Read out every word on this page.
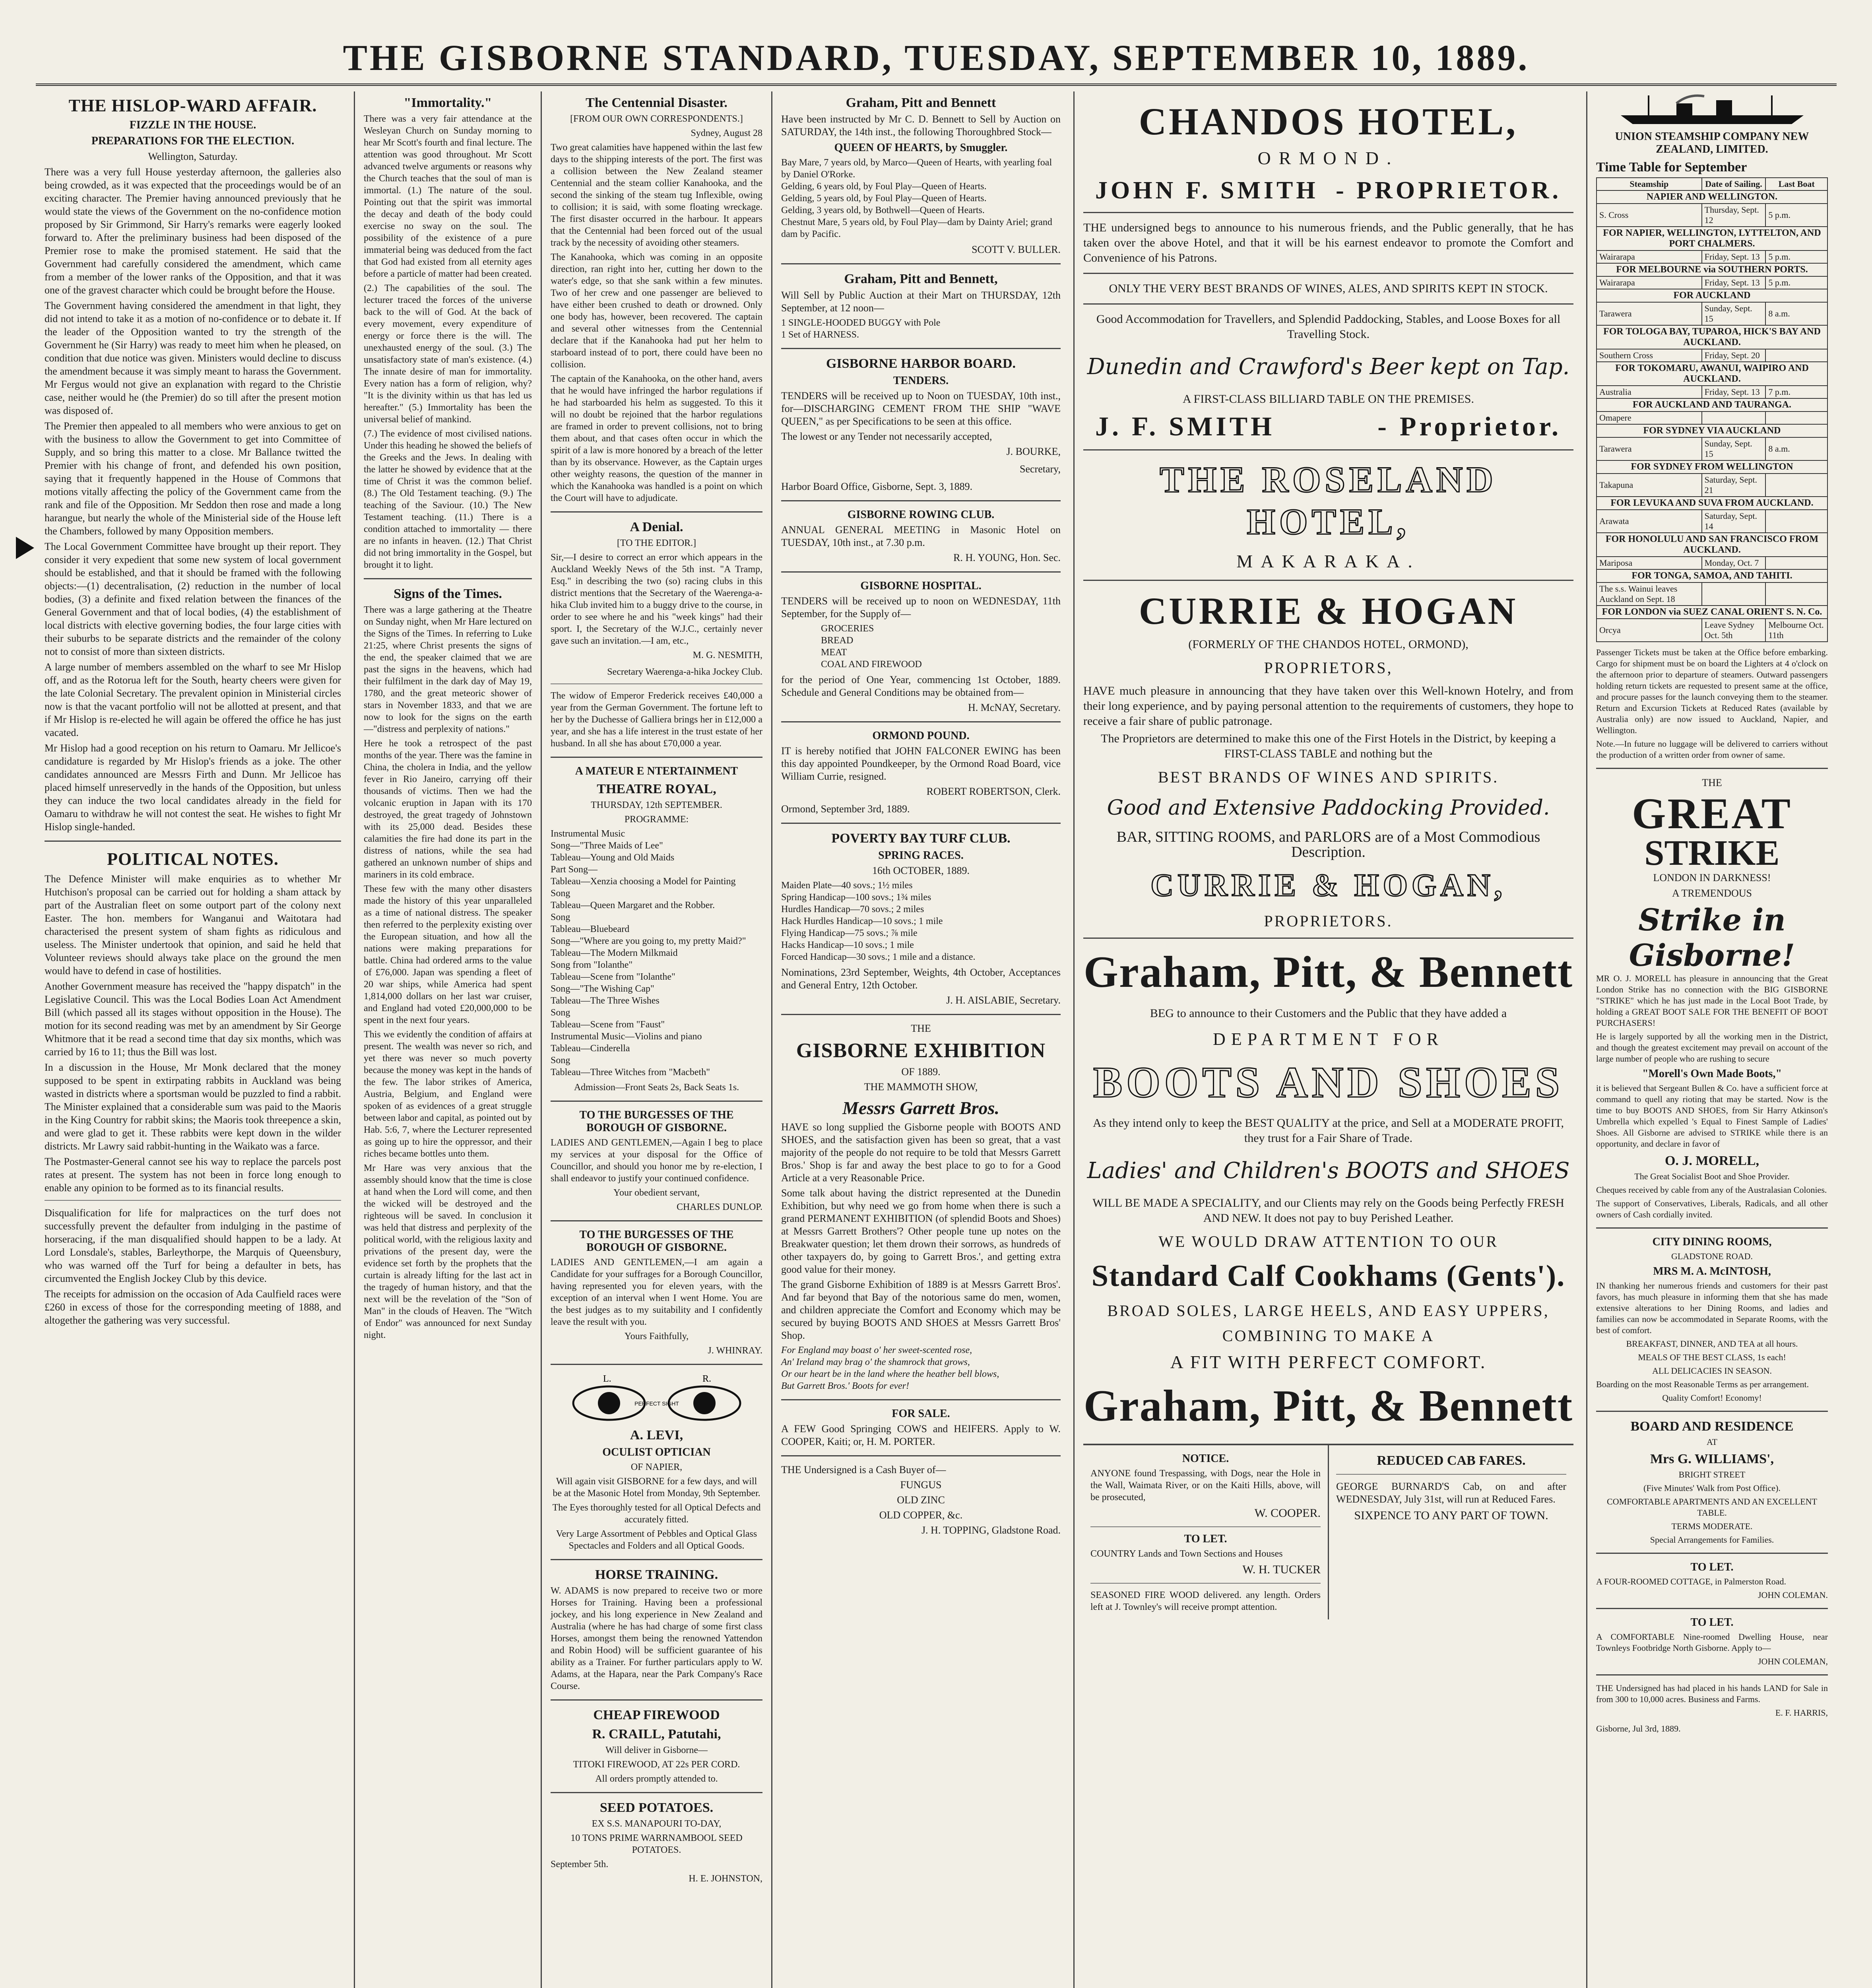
THE GISBORNE STANDARD, TUESDAY, SEPTEMBER 10, 1889.
THE HISLOP-WARD AFFAIR.
FIZZLE IN THE HOUSE.
PREPARATIONS FOR THE ELECTION.

Wellington, Saturday.

There was a very full House yesterday afternoon, the galleries also being crowded, as it was expected that the proceedings would be of an exciting character. The Premier having announced previously that he would state the views of the Government on the no-confidence motion proposed by Sir Grimmond, Sir Harry's remarks were eagerly looked forward to. After the preliminary business had been disposed of the Premier rose to make the promised statement. He said that the Government had carefully considered the amendment, which came from a member of the lower ranks of the Opposition, and that it was one of the gravest character which could be brought before the House.

The Government having considered the amendment in that light, they did not intend to take it as a motion of no-confidence or to debate it. If the leader of the Opposition wanted to try the strength of the Government he (Sir Harry) was ready to meet him when he pleased, on condition that due notice was given. Ministers would decline to discuss the amendment because it was simply meant to harass the Government. Mr Fergus would not give an explanation with regard to the Christie case, neither would he (the Premier) do so till after the present motion was disposed of.

The Premier then appealed to all members who were anxious to get on with the business to allow the Government to get into Committee of Supply, and so bring this matter to a close. Mr Ballance twitted the Premier with his change of front, and defended his own position, saying that it frequently happened in the House of Commons that motions vitally affecting the policy of the Government came from the rank and file of the Opposition. Mr Seddon then rose and made a long harangue, but nearly the whole of the Ministerial side of the House left the Chambers, followed by many Opposition members.

The Local Government Committee have brought up their report. They consider it very expedient that some new system of local government should be established, and that it should be framed with the following objects:—(1) decentralisation, (2) reduction in the number of local bodies, (3) a definite and fixed relation between the finances of the General Government and that of local bodies, (4) the establishment of local districts with elective governing bodies, the four large cities with their suburbs to be separate districts and the remainder of the colony not to consist of more than sixteen districts.

A large number of members assembled on the wharf to see Mr Hislop off, and as the Rotorua left for the South, hearty cheers were given for the late Colonial Secretary. The prevalent opinion in Ministerial circles now is that the vacant portfolio will not be allotted at present, and that if Mr Hislop is re-elected he will again be offered the office he has just vacated.

Mr Hislop had a good reception on his return to Oamaru. Mr Jellicoe's candidature is regarded by Mr Hislop's friends as a joke. The other candidates announced are Messrs Firth and Dunn. Mr Jellicoe has placed himself unreservedly in the hands of the Opposition, but unless they can induce the two local candidates already in the field for Oamaru to withdraw he will not contest the seat. He wishes to fight Mr Hislop single-handed.

POLITICAL NOTES.

The Defence Minister will make enquiries as to whether Mr Hutchison's proposal can be carried out for holding a sham attack by part of the Australian fleet on some outport part of the colony next Easter. The hon. members for Wanganui and Waitotara had characterised the present system of sham fights as ridiculous and useless. The Minister undertook that opinion, and said he held that Volunteer reviews should always take place on the ground the men would have to defend in case of hostilities.

Another Government measure has received the "happy dispatch" in the Legislative Council. This was the Local Bodies Loan Act Amendment Bill (which passed all its stages without opposition in the House). The motion for its second reading was met by an amendment by Sir George Whitmore that it be read a second time that day six months, which was carried by 16 to 11; thus the Bill was lost.

In a discussion in the House, Mr Monk declared that the money supposed to be spent in extirpating rabbits in Auckland was being wasted in districts where a sportsman would be puzzled to find a rabbit. The Minister explained that a considerable sum was paid to the Maoris in the King Country for rabbit skins; the Maoris took threepence a skin, and were glad to get it. These rabbits were kept down in the wilder districts. Mr Lawry said rabbit-hunting in the Waikato was a farce.

The Postmaster-General cannot see his way to replace the parcels post rates at present. The system has not been in force long enough to enable any opinion to be formed as to its financial results.

Disqualification for life for malpractices on the turf does not successfully prevent the defaulter from indulging in the pastime of horseracing, if the man disqualified should happen to be a lady. At Lord Lonsdale's, stables, Barleythorpe, the Marquis of Queensbury, who was warned off the Turf for being a defaulter in bets, has circumvented the English Jockey Club by this device.

The receipts for admission on the occasion of Ada Caulfield races were £260 in excess of those for the corresponding meeting of 1888, and altogether the gathering was very successful.

"Immortality."

There was a very fair attendance at the Wesleyan Church on Sunday morning to hear Mr Scott's fourth and final lecture. The attention was good throughout. Mr Scott advanced twelve arguments or reasons why the Church teaches that the soul of man is immortal. (1.) The nature of the soul. Pointing out that the spirit was immortal the decay and death of the body could exercise no sway on the soul. The possibility of the existence of a pure immaterial being was deduced from the fact that God had existed from all eternity ages before a particle of matter had been created.

(2.) The capabilities of the soul. The lecturer traced the forces of the universe back to the will of God. At the back of every movement, every expenditure of energy or force there is the will. The unexhausted energy of the soul. (3.) The unsatisfactory state of man's existence. (4.) The innate desire of man for immortality. Every nation has a form of religion, why? "It is the divinity within us that has led us hereafter." (5.) Immortality has been the universal belief of mankind.

(7.) The evidence of most civilised nations. Under this heading he showed the beliefs of the Greeks and the Jews. In dealing with the latter he showed by evidence that at the time of Christ it was the common belief. (8.) The Old Testament teaching. (9.) The teaching of the Saviour. (10.) The New Testament teaching. (11.) There is a condition attached to immortality — there are no infants in heaven. (12.) That Christ did not bring immortality in the Gospel, but brought it to light.

Signs of the Times.

There was a large gathering at the Theatre on Sunday night, when Mr Hare lectured on the Signs of the Times. In referring to Luke 21:25, where Christ presents the signs of the end, the speaker claimed that we are past the signs in the heavens, which had their fulfilment in the dark day of May 19, 1780, and the great meteoric shower of stars in November 1833, and that we are now to look for the signs on the earth—"distress and perplexity of nations."

Here he took a retrospect of the past months of the year. There was the famine in China, the cholera in India, and the yellow fever in Rio Janeiro, carrying off their thousands of victims. Then we had the volcanic eruption in Japan with its 170 destroyed, the great tragedy of Johnstown with its 25,000 dead. Besides these calamities the fire had done its part in the distress of nations, while the sea had gathered an unknown number of ships and mariners in its cold embrace.

These few with the many other disasters made the history of this year unparalleled as a time of national distress. The speaker then referred to the perplexity existing over the European situation, and how all the nations were making preparations for battle. China had ordered arms to the value of £76,000. Japan was spending a fleet of 20 war ships, while America had spent 1,814,000 dollars on her last war cruiser, and England had voted £20,000,000 to be spent in the next four years.

This we evidently the condition of affairs at present. The wealth was never so rich, and yet there was never so much poverty because the money was kept in the hands of the few. The labor strikes of America, Austria, Belgium, and England were spoken of as evidences of a great struggle between labor and capital, as pointed out by Hab. 5:6, 7, where the Lecturer represented as going up to hire the oppressor, and their riches became bottles unto them.

Mr Hare was very anxious that the assembly should know that the time is close at hand when the Lord will come, and then the wicked will be destroyed and the righteous will be saved. In conclusion it was held that distress and perplexity of the political world, with the religious laxity and privations of the present day, were the evidence set forth by the prophets that the curtain is already lifting for the last act in the tragedy of human history, and that the next will be the revelation of the "Son of Man" in the clouds of Heaven. The "Witch of Endor" was announced for next Sunday night.

The Centennial Disaster.

[FROM OUR OWN CORRESPONDENTS.]

Sydney, August 28

Two great calamities have happened within the last few days to the shipping interests of the port. The first was a collision between the New Zealand steamer Centennial and the steam collier Kanahooka, and the second the sinking of the steam tug Inflexible, owing to collision; it is said, with some floating wreckage. The first disaster occurred in the harbour. It appears that the Centennial had been forced out of the usual track by the necessity of avoiding other steamers.

The Kanahooka, which was coming in an opposite direction, ran right into her, cutting her down to the water's edge, so that she sank within a few minutes. Two of her crew and one passenger are believed to have either been crushed to death or drowned. Only one body has, however, been recovered. The captain and several other witnesses from the Centennial declare that if the Kanahooka had put her helm to starboard instead of to port, there could have been no collision.

The captain of the Kanahooka, on the other hand, avers that he would have infringed the harbor regulations if he had starboarded his helm as suggested. To this it will no doubt be rejoined that the harbor regulations are framed in order to prevent collisions, not to bring them about, and that cases often occur in which the spirit of a law is more honored by a breach of the letter than by its observance. However, as the Captain urges other weighty reasons, the question of the manner in which the Kanahooka was handled is a point on which the Court will have to adjudicate.

A Denial.

[TO THE EDITOR.]

Sir,—I desire to correct an error which appears in the Auckland Weekly News of the 5th inst. "A Tramp, Esq." in describing the two (so) racing clubs in this district mentions that the Secretary of the Waerenga-a-hika Club invited him to a buggy drive to the course, in order to see where he and his "week kings" had their sport. I, the Secretary of the W.J.C., certainly never gave such an invitation.—I am, etc.,

M. G. NESMITH,

Secretary Waerenga-a-hika Jockey Club.

The widow of Emperor Frederick receives £40,000 a year from the German Government. The fortune left to her by the Duchesse of Galliera brings her in £12,000 a year, and she has a life interest in the trust estate of her husband. In all she has about £70,000 a year.

A MATEUR E NTERTAINMENT
THEATRE ROYAL,

THURSDAY, 12th SEPTEMBER.

PROGRAMME:

Instrumental Music
Song—"Three Maids of Lee"
Tableau—Young and Old Maids
Part Song—
Tableau—Xenzia choosing a Model for Painting
Song
Tableau—Queen Margaret and the Robber.
Song
Tableau—Bluebeard
Song—"Where are you going to, my pretty Maid?"
Tableau—The Modern Milkmaid
Song from "Iolanthe"
Tableau—Scene from "Iolanthe"
Song—"The Wishing Cap"
Tableau—The Three Wishes
Song
Tableau—Scene from "Faust"
Instrumental Music—Violins and piano
Tableau—Cinderella
Song
Tableau—Three Witches from "Macbeth"

Admission—Front Seats 2s, Back Seats 1s.

TO THE BURGESSES OF THE BOROUGH OF GISBORNE.

LADIES AND GENTLEMEN,—Again I beg to place my services at your disposal for the Office of Councillor, and should you honor me by re-election, I shall endeavor to justify your continued confidence.

Your obedient servant,

CHARLES DUNLOP.

TO THE BURGESSES OF THE BOROUGH OF GISBORNE.

LADIES AND GENTLEMEN,—I am again a Candidate for your suffrages for a Borough Councillor, having represented you for eleven years, with the exception of an interval when I went Home. You are the best judges as to my suitability and I confidently leave the result with you.

Yours Faithfully,

J. WHINRAY.

L.	R.
PERFECT SIGHT
A. LEVI,
OCULIST OPTICIAN

OF NAPIER,

Will again visit GISBORNE for a few days, and will be at the Masonic Hotel from Monday, 9th September.

The Eyes thoroughly tested for all Optical Defects and accurately fitted.

Very Large Assortment of Pebbles and Optical Glass Spectacles and Folders and all Optical Goods.

HORSE TRAINING.

W. ADAMS is now prepared to receive two or more Horses for Training. Having been a professional jockey, and his long experience in New Zealand and Australia (where he has had charge of some first class Horses, amongst them being the renowned Yattendon and Robin Hood) will be sufficient guarantee of his ability as a Trainer. For further particulars apply to W. Adams, at the Hapara, near the Park Company's Race Course.

CHEAP FIREWOOD
R. CRAILL, Patutahi,

Will deliver in Gisborne—

TITOKI FIREWOOD, AT 22s PER CORD.

All orders promptly attended to.

SEED POTATOES.

EX S.S. MANAPOURI TO-DAY,

10 TONS PRIME WARRNAMBOOL SEED POTATOES.

September 5th.

H. E. JOHNSTON,

Graham, Pitt and Bennett

Have been instructed by Mr C. D. Bennett to Sell by Auction on SATURDAY, the 14th inst., the following Thoroughbred Stock—

QUEEN OF HEARTS, by Smuggler.
Bay Mare, 7 years old, by Marco—Queen of Hearts, with yearling foal by Daniel O'Rorke.
Gelding, 6 years old, by Foul Play—Queen of Hearts.
Gelding, 5 years old, by Foul Play—Queen of Hearts.
Gelding, 3 years old, by Bothwell—Queen of Hearts.
Chestnut Mare, 5 years old, by Foul Play—dam by Dainty Ariel; grand dam by Pacific.

SCOTT V. BULLER.

Graham, Pitt and Bennett,

Will Sell by Public Auction at their Mart on THURSDAY, 12th September, at 12 noon—

1 SINGLE-HOODED BUGGY with Pole
1 Set of HARNESS.
GISBORNE HARBOR BOARD.
TENDERS.

TENDERS will be received up to Noon on TUESDAY, 10th inst., for—DISCHARGING CEMENT FROM THE SHIP "WAVE QUEEN," as per Specifications to be seen at this office.

The lowest or any Tender not necessarily accepted,

J. BOURKE,

Secretary,

Harbor Board Office, Gisborne, Sept. 3, 1889.

GISBORNE ROWING CLUB.

ANNUAL GENERAL MEETING in Masonic Hotel on TUESDAY, 10th inst., at 7.30 p.m.

R. H. YOUNG, Hon. Sec.

GISBORNE HOSPITAL.

TENDERS will be received up to noon on WEDNESDAY, 11th September, for the Supply of—

GROCERIES
BREAD
MEAT
COAL AND FIREWOOD

for the period of One Year, commencing 1st October, 1889. Schedule and General Conditions may be obtained from—

H. McNAY, Secretary.

ORMOND POUND.

IT is hereby notified that JOHN FALCONER EWING has been this day appointed Poundkeeper, by the Ormond Road Board, vice William Currie, resigned.

ROBERT ROBERTSON, Clerk.

Ormond, September 3rd, 1889.

POVERTY BAY TURF CLUB.
SPRING RACES.

16th OCTOBER, 1889.

Maiden Plate—40 sovs.; 1½ miles
Spring Handicap—100 sovs.; 1¾ miles
Hurdles Handicap—70 sovs.; 2 miles
Hack Hurdles Handicap—10 sovs.; 1 mile
Flying Handicap—75 sovs.; ⅞ mile
Hacks Handicap—10 sovs.; 1 mile
Forced Handicap—30 sovs.; 1 mile and a distance.

Nominations, 23rd September, Weights, 4th October, Acceptances and General Entry, 12th October.

J. H. AISLABIE, Secretary.

THE

GISBORNE EXHIBITION

OF 1889.

THE MAMMOTH SHOW,

Messrs Garrett Bros.

HAVE so long supplied the Gisborne people with BOOTS AND SHOES, and the satisfaction given has been so great, that a vast majority of the people do not require to be told that Messrs Garrett Bros.' Shop is far and away the best place to go to for a Good Article at a very Reasonable Price.

Some talk about having the district represented at the Dunedin Exhibition, but why need we go from home when there is such a grand PERMANENT EXHIBITION (of splendid Boots and Shoes) at Messrs Garrett Brothers'? Other people tune up notes on the Breakwater question; let them drown their sorrows, as hundreds of other taxpayers do, by going to Garrett Bros.', and getting extra good value for their money.

The grand Gisborne Exhibition of 1889 is at Messrs Garrett Bros'. And far beyond that Bay of the notorious same do men, women, and children appreciate the Comfort and Economy which may be secured by buying BOOTS AND SHOES at Messrs Garrett Bros' Shop.

For England may boast o' her sweet-scented rose,
An' Ireland may brag o' the shamrock that grows,
Or our heart be in the land where the heather bell blows,
But Garrett Bros.' Boots for ever!
FOR SALE.

A FEW Good Springing COWS and HEIFERS. Apply to W. COOPER, Kaiti; or, H. M. PORTER.

THE Undersigned is a Cash Buyer of—

FUNGUS

OLD ZINC

OLD COPPER, &c.

J. H. TOPPING, Gladstone Road.

CHANDOS HOTEL,
ORMOND.
JOHN F. SMITH - PROPRIETOR.

THE undersigned begs to announce to his numerous friends, and the Public generally, that he has taken over the above Hotel, and that it will be his earnest endeavor to promote the Comfort and Convenience of his Patrons.

ONLY THE VERY BEST BRANDS OF WINES, ALES, AND SPIRITS KEPT IN STOCK.

Good Accommodation for Travellers, and Splendid Paddocking, Stables, and Loose Boxes for all Travelling Stock.

Dunedin and Crawford's Beer kept on Tap.

A FIRST-CLASS BILLIARD TABLE ON THE PREMISES.

J. F. SMITH	- Proprietor.
THE ROSELAND HOTEL,
MAKARAKA.
CURRIE & HOGAN

(FORMERLY OF THE CHANDOS HOTEL, ORMOND),

PROPRIETORS,

HAVE much pleasure in announcing that they have taken over this Well-known Hotelry, and from their long experience, and by paying personal attention to the requirements of customers, they hope to receive a fair share of public patronage.

The Proprietors are determined to make this one of the First Hotels in the District, by keeping a FIRST-CLASS TABLE and nothing but the

BEST BRANDS OF WINES AND SPIRITS.
Good and Extensive Paddocking Provided.

BAR, SITTING ROOMS, and PARLORS are of a Most Commodious Description.

CURRIE & HOGAN,
PROPRIETORS.
Graham, Pitt, & Bennett

BEG to announce to their Customers and the Public that they have added a

DEPARTMENT FOR
BOOTS AND SHOES

As they intend only to keep the BEST QUALITY at the price, and Sell at a MODERATE PROFIT, they trust for a Fair Share of Trade.

Ladies' and Children's BOOTS and SHOES

WILL BE MADE A SPECIALITY, and our Clients may rely on the Goods being Perfectly FRESH AND NEW. It does not pay to buy Perished Leather.

WE WOULD DRAW ATTENTION TO OUR
Standard Calf Cookhams (Gents').
BROAD SOLES, LARGE HEELS, AND EASY UPPERS,
COMBINING TO MAKE A
A FIT WITH PERFECT COMFORT.
Graham, Pitt, & Bennett
NOTICE.

ANYONE found Trespassing, with Dogs, near the Hole in the Wall, Waimata River, or on the Kaiti Hills, above, will be prosecuted,

W. COOPER.

TO LET.

COUNTRY Lands and Town Sections and Houses

W. H. TUCKER

SEASONED FIRE WOOD delivered. any length. Orders left at J. Townley's will receive prompt attention.

REDUCED CAB FARES.

GEORGE BURNARD'S Cab, on and after WEDNESDAY, July 31st, will run at Reduced Fares.

SIXPENCE TO ANY PART OF TOWN.

UNION STEAMSHIP COMPANY NEW ZEALAND, LIMITED.
Time Table for September
Steamship	Date of Sailing.	Last Boat
NAPIER AND WELLINGTON.		
S. Cross	Thursday, Sept. 12	5 p.m.
FOR NAPIER, WELLINGTON, LYTTELTON, AND PORT CHALMERS.		
Wairarapa	Friday, Sept. 13	5 p.m.
FOR MELBOURNE via SOUTHERN PORTS.		
Wairarapa	Friday, Sept. 13	5 p.m.
FOR AUCKLAND		
Tarawera	Sunday, Sept. 15	8 a.m.
FOR TOLOGA BAY, TUPAROA, HICK'S BAY AND AUCKLAND.		
Southern Cross	Friday, Sept. 20	
FOR TOKOMARU, AWANUI, WAIPIRO AND AUCKLAND.		
Australia	Friday, Sept. 13	7 p.m.
FOR AUCKLAND AND TAURANGA.		
Omapere		
FOR SYDNEY VIA AUCKLAND		
Tarawera	Sunday, Sept. 15	8 a.m.
FOR SYDNEY FROM WELLINGTON		
Takapuna	Saturday, Sept. 21	
FOR LEVUKA AND SUVA FROM AUCKLAND.		
Arawata	Saturday, Sept. 14	
FOR HONOLULU AND SAN FRANCISCO FROM AUCKLAND.		
Mariposa	Monday, Oct. 7	
FOR TONGA, SAMOA, AND TAHITI.		
The s.s. Wainui leaves Auckland on Sept. 18		
FOR LONDON via SUEZ CANAL ORIENT S. N. Co.		
Orcya	Leave Sydney Oct. 5th	Melbourne Oct. 11th

Passenger Tickets must be taken at the Office before embarking. Cargo for shipment must be on board the Lighters at 4 o'clock on the afternoon prior to departure of steamers. Outward passengers holding return tickets are requested to present same at the office, and procure passes for the launch conveying them to the steamer. Return and Excursion Tickets at Reduced Rates (available by Australia only) are now issued to Auckland, Napier, and Wellington.

Note.—In future no luggage will be delivered to carriers without the production of a written order from owner of same.

THE

GREAT
STRIKE

LONDON IN DARKNESS!

A TREMENDOUS

Strike in Gisborne!

MR O. J. MORELL has pleasure in announcing that the Great London Strike has no connection with the BIG GISBORNE "STRIKE" which he has just made in the Local Boot Trade, by holding a GREAT BOOT SALE FOR THE BENEFIT OF BOOT PURCHASERS!

He is largely supported by all the working men in the District, and though the greatest excitement may prevail on account of the large number of people who are rushing to secure

"Morell's Own Made Boots,"

it is believed that Sergeant Bullen & Co. have a sufficient force at command to quell any rioting that may be started. Now is the time to buy BOOTS AND SHOES, from Sir Harry Atkinson's Umbrella which expelled 's Equal to Finest Sample of Ladies' Shoes. All Gisborne are advised to STRIKE while there is an opportunity, and declare in favor of

O. J. MORELL,

The Great Socialist Boot and Shoe Provider.

Cheques received by cable from any of the Australasian Colonies.

The support of Conservatives, Liberals, Radicals, and all other owners of Cash cordially invited.

CITY DINING ROOMS,

GLADSTONE ROAD.

MRS M. A. McINTOSH,

IN thanking her numerous friends and customers for their past favors, has much pleasure in informing them that she has made extensive alterations to her Dining Rooms, and ladies and families can now be accommodated in Separate Rooms, with the best of comfort.

BREAKFAST, DINNER, AND TEA at all hours.

MEALS OF THE BEST CLASS, 1s each!

ALL DELICACIES IN SEASON.

Boarding on the most Reasonable Terms as per arrangement.

Quality Comfort! Economy!

BOARD AND RESIDENCE

AT

Mrs G. WILLIAMS',

BRIGHT STREET

(Five Minutes' Walk from Post Office).

COMFORTABLE APARTMENTS AND AN EXCELLENT TABLE.

TERMS MODERATE.

Special Arrangements for Families.

TO LET.

A FOUR-ROOMED COTTAGE, in Palmerston Road.

JOHN COLEMAN.

TO LET.

A COMFORTABLE Nine-roomed Dwelling House, near Townleys Footbridge North Gisborne. Apply to—

JOHN COLEMAN,

THE Undersigned has had placed in his hands LAND for Sale in from 300 to 10,000 acres. Business and Farms.

E. F. HARRIS,

Gisborne, Jul 3rd, 1889.
